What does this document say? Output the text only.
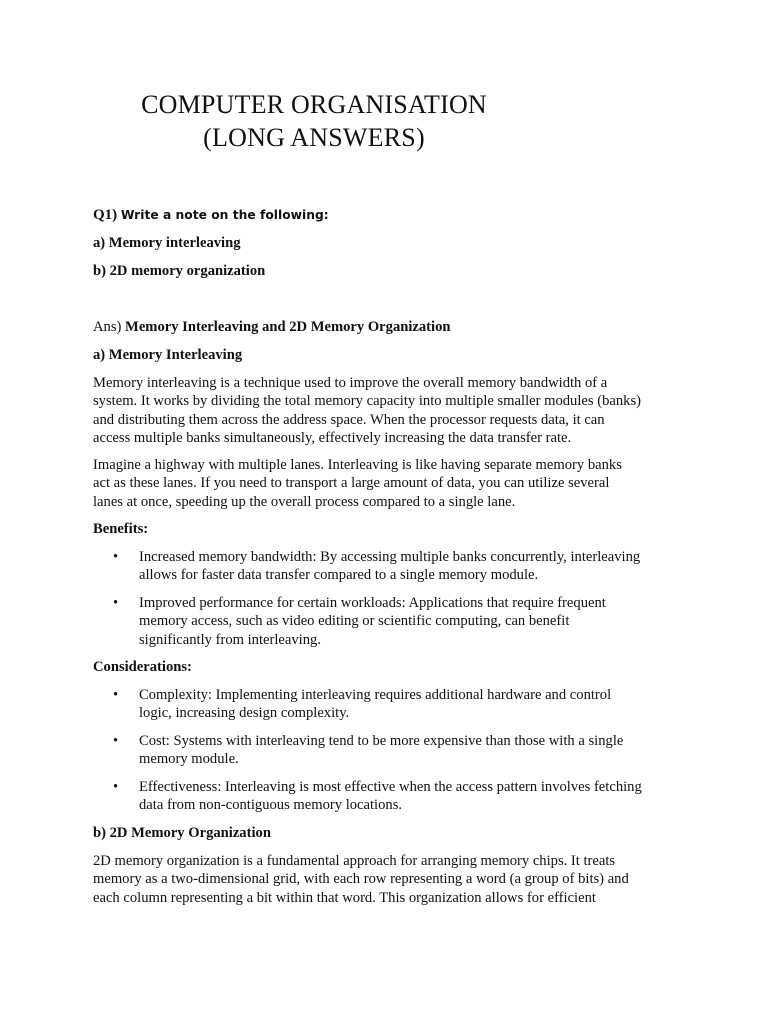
COMPUTER ORGANISATION
(LONG ANSWERS)
Q1) Write a note on the following:
a) Memory interleaving
b) 2D memory organization
Ans) Memory Interleaving and 2D Memory Organization
a) Memory Interleaving
Memory interleaving is a technique used to improve the overall memory bandwidth of a
system. It works by dividing the total memory capacity into multiple smaller modules (banks)
and distributing them across the address space. When the processor requests data, it can
access multiple banks simultaneously, effectively increasing the data transfer rate.
Imagine a highway with multiple lanes. Interleaving is like having separate memory banks
act as these lanes. If you need to transport a large amount of data, you can utilize several
lanes at once, speeding up the overall process compared to a single lane.
Benefits:
• Increased memory bandwidth: By accessing multiple banks concurrently, interleaving
allows for faster data transfer compared to a single memory module.
• Improved performance for certain workloads: Applications that require frequent
memory access, such as video editing or scientific computing, can benefit
significantly from interleaving.
Considerations:
• Complexity: Implementing interleaving requires additional hardware and control
logic, increasing design complexity.
• Cost: Systems with interleaving tend to be more expensive than those with a single
memory module.
• Effectiveness: Interleaving is most effective when the access pattern involves fetching
data from non-contiguous memory locations.
b) 2D Memory Organization
2D memory organization is a fundamental approach for arranging memory chips. It treats
memory as a two-dimensional grid, with each row representing a word (a group of bits) and
each column representing a bit within that word. This organization allows for efficient
